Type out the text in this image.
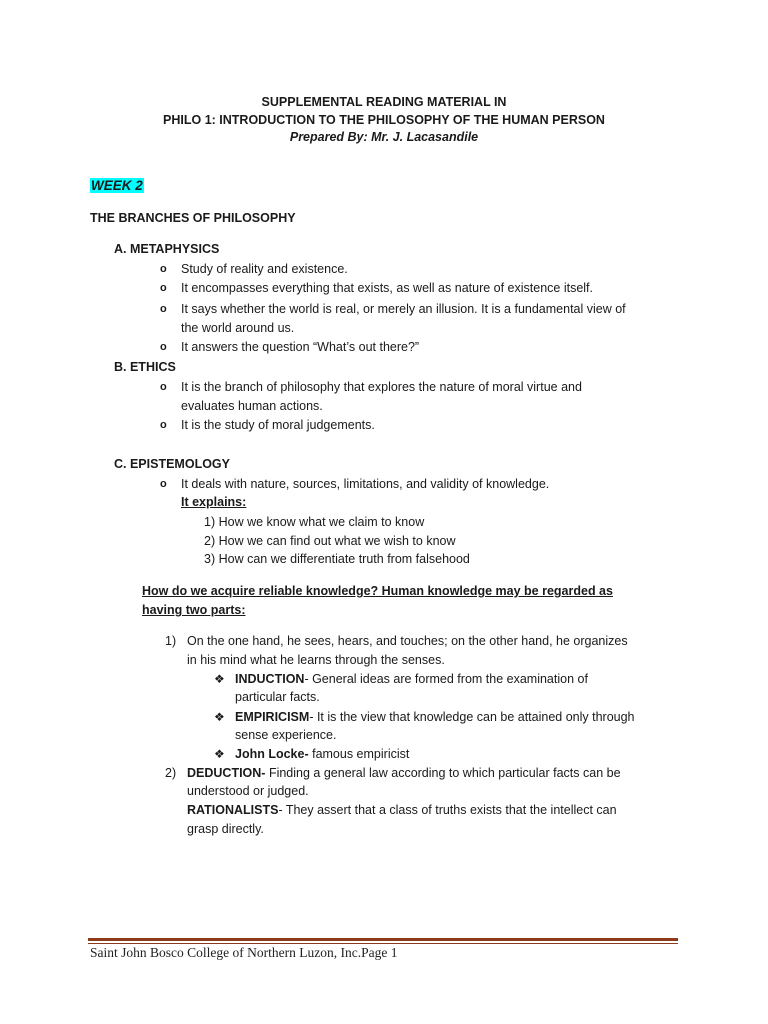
SUPPLEMENTAL READING MATERIAL IN
PHILO 1: INTRODUCTION TO THE PHILOSOPHY OF THE HUMAN PERSON
Prepared By: Mr. J. Lacasandile
WEEK 2
THE BRANCHES OF PHILOSOPHY
A. METAPHYSICS
o Study of reality and existence.
o It encompasses everything that exists, as well as nature of existence itself.
o It says whether the world is real, or merely an illusion. It is a fundamental view of
the world around us.
o It answers the question “What’s out there?”
B. ETHICS
o It is the branch of philosophy that explores the nature of moral virtue and
evaluates human actions.
o It is the study of moral judgements.
C. EPISTEMOLOGY
o It deals with nature, sources, limitations, and validity of knowledge.
It explains:
1) How we know what we claim to know
2) How we can find out what we wish to know
3) How can we differentiate truth from falsehood
How do we acquire reliable knowledge? Human knowledge may be regarded as
having two parts:
1) On the one hand, he sees, hears, and touches; on the other hand, he organizes
in his mind what he learns through the senses.
❖ INDUCTION- General ideas are formed from the examination of
particular facts.
❖ EMPIRICISM- It is the view that knowledge can be attained only through
sense experience.
❖ John Locke- famous empiricist
2) DEDUCTION- Finding a general law according to which particular facts can be
understood or judged.
RATIONALISTS- They assert that a class of truths exists that the intellect can
grasp directly.
Saint John Bosco College of Northern Luzon, Inc.Page 1
